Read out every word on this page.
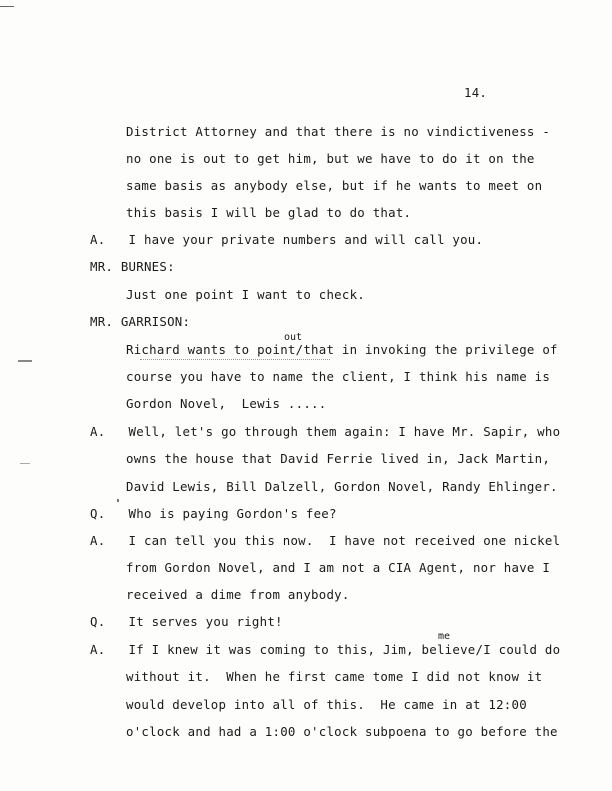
14.
District Attorney and that there is no vindictiveness -
no one is out to get him, but we have to do it on the
same basis as anybody else, but if he wants to meet on
this basis I will be glad to do that.
A.   I have your private numbers and will call you.
MR. BURNES:
Just one point I want to check.
MR. GARRISON:
out
Richard wants to point/that in invoking the privilege of
course you have to name the client, I think his name is
Gordon Novel,  Lewis .....
A.   Well, let's go through them again: I have Mr. Sapir, who
owns the house that David Ferrie lived in, Jack Martin,
David Lewis, Bill Dalzell, Gordon Novel, Randy Ehlinger.
Q.   Who is paying Gordon's fee?
A.   I can tell you this now.  I have not received one nickel
from Gordon Novel, and I am not a CIA Agent, nor have I
received a dime from anybody.
Q.   It serves you right!
me
A.   If I knew it was coming to this, Jim, believe/I could do
without it.  When he first came tome I did not know it
would develop into all of this.  He came in at 12:00
o'clock and had a 1:00 o'clock subpoena to go before the
